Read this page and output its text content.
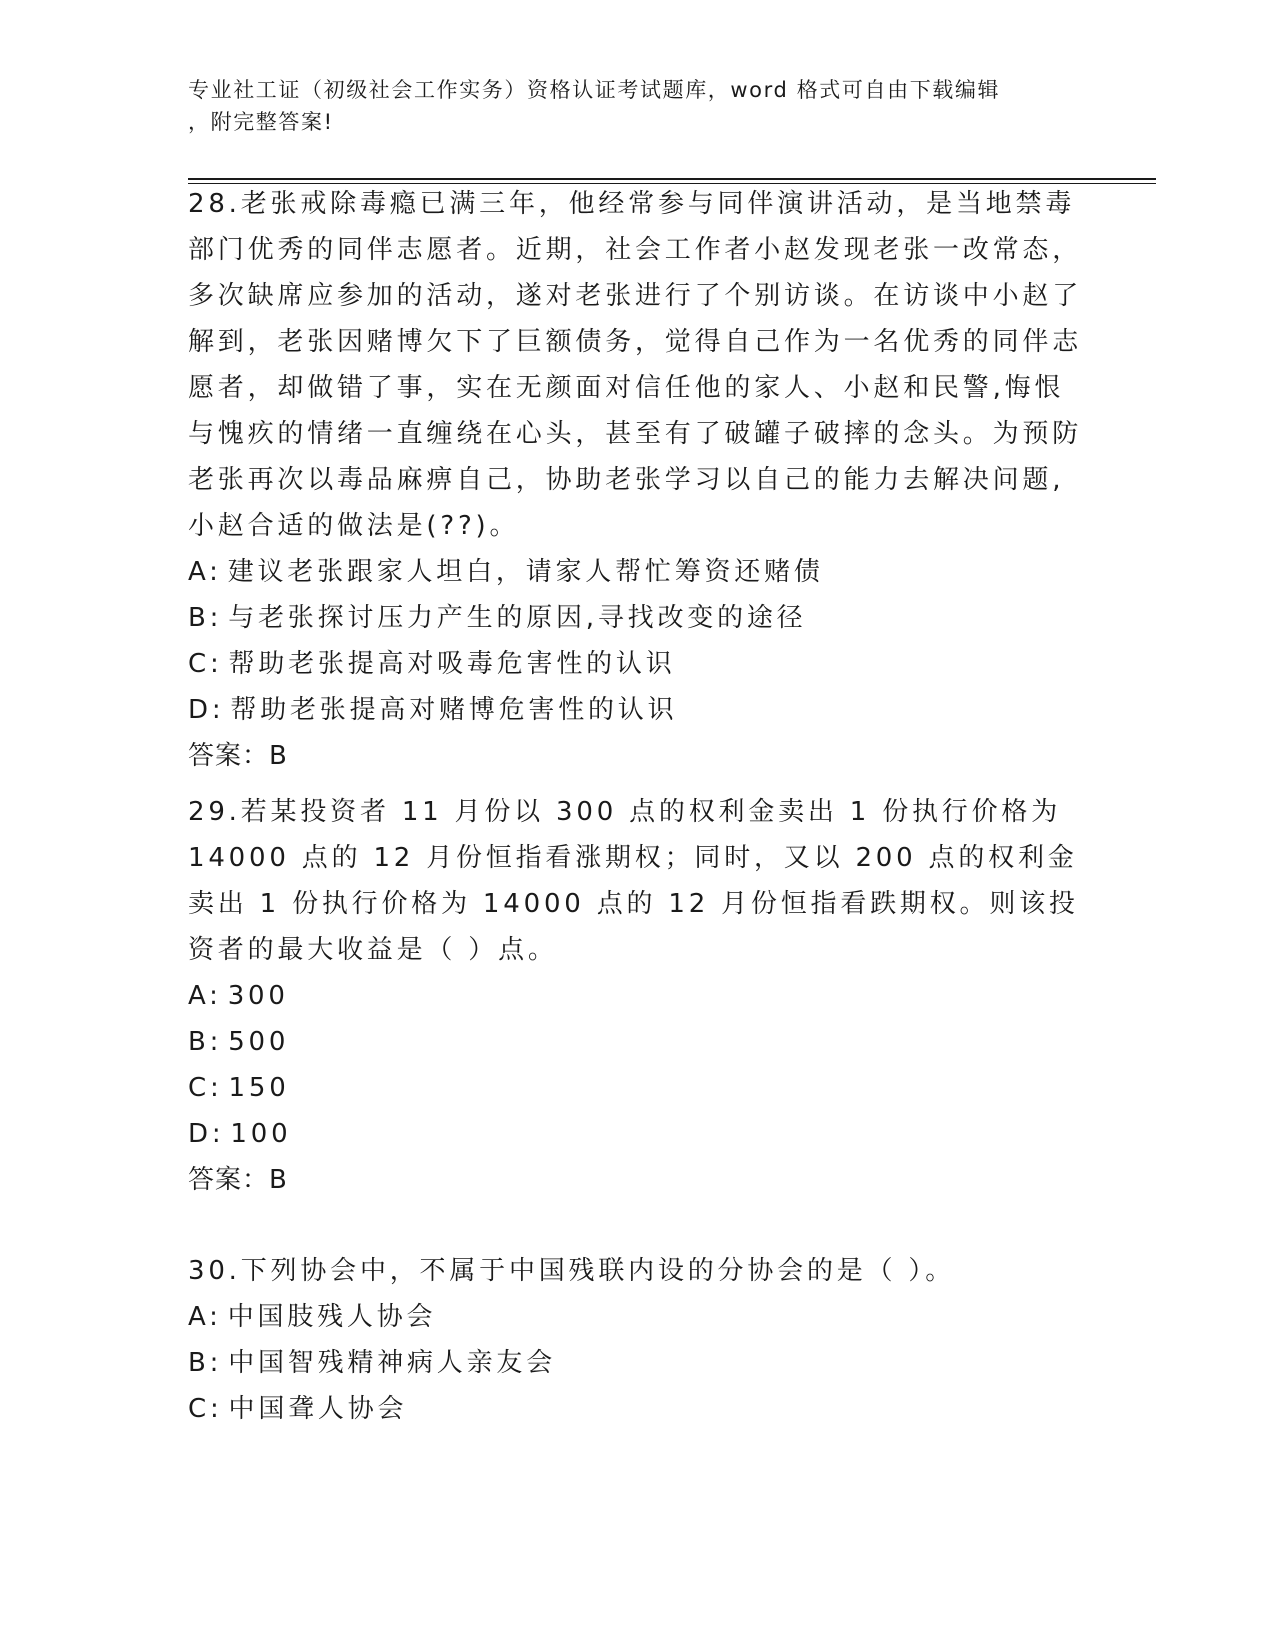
专业社工证（初级社会工作实务）资格认证考试题库，word 格式可自由下载编辑
，附完整答案!

28.老张戒除毒瘾已满三年，他经常参与同伴演讲活动，是当地禁毒部门优秀的同伴志愿者。近期，社会工作者小赵发现老张一改常态，多次缺席应参加的活动，遂对老张进行了个别访谈。在访谈中小赵了解到，老张因赌博欠下了巨额债务，觉得自己作为一名优秀的同伴志愿者，却做错了事，实在无颜面对信任他的家人、小赵和民警,悔恨与愧疚的情绪一直缠绕在心头，甚至有了破罐子破摔的念头。为预防老张再次以毒品麻痹自己，协助老张学习以自己的能力去解决问题,小赵合适的做法是(??)。

A: 建议老张跟家人坦白，请家人帮忙筹资还赌债

B: 与老张探讨压力产生的原因,寻找改变的途径

C: 帮助老张提高对吸毒危害性的认识

D: 帮助老张提高对赌博危害性的认识

答案：B

29.若某投资者 11 月份以 300 点的权利金卖出 1 份执行价格为 14000 点的 12 月份恒指看涨期权；同时，又以 200 点的权利金卖出 1 份执行价格为 14000 点的 12 月份恒指看跌期权。则该投资者的最大收益是（ ）点。

A: 300

B: 500

C: 150

D: 100

答案：B

30.下列协会中，不属于中国残联内设的分协会的是（ ）。

A: 中国肢残人协会

B: 中国智残精神病人亲友会

C: 中国聋人协会
